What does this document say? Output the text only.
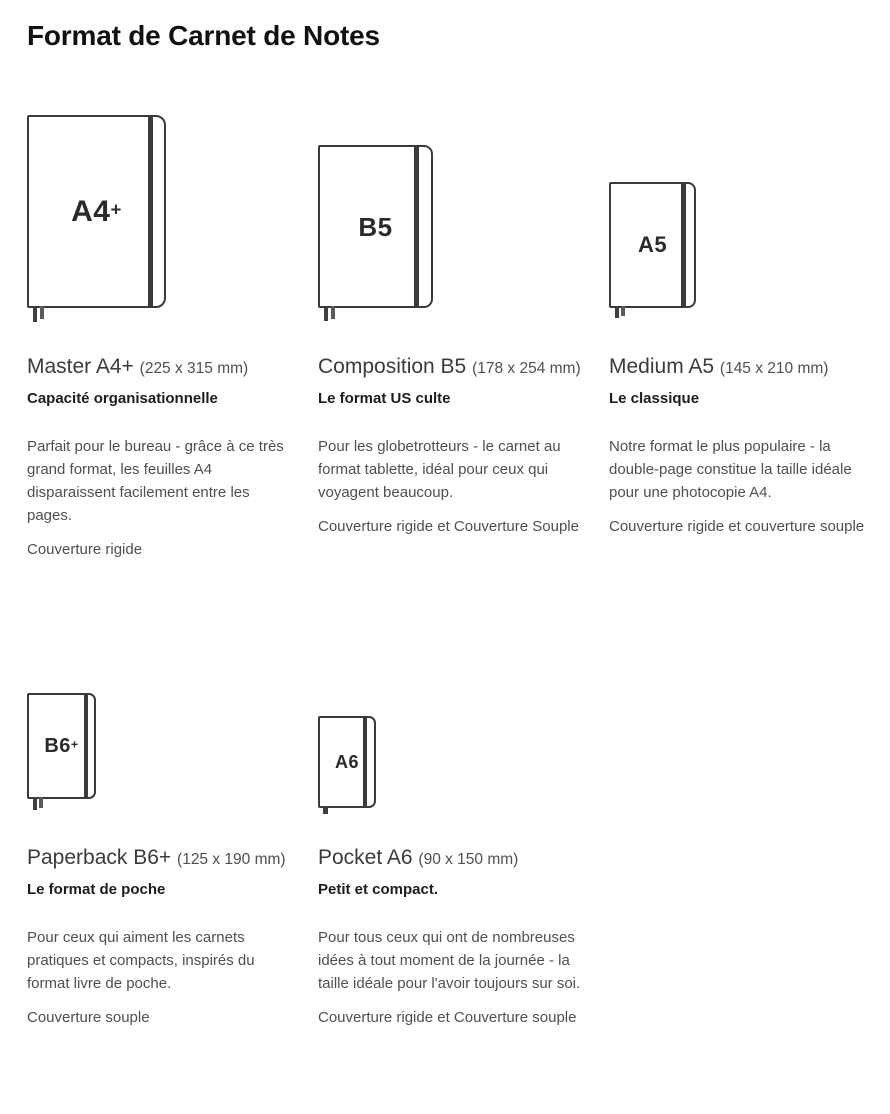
Format de Carnet de Notes
A4+
Master A4+ (225 x 315 mm)
Capacité organisationnelle

Parfait pour le bureau - grâce à ce très grand format, les feuilles A4 disparaissent facilement entre les pages.

Couverture rigide

B5
Composition B5 (178 x 254 mm)
Le format US culte

Pour les globetrotteurs - le carnet au format tablette, idéal pour ceux qui voyagent beaucoup.

Couverture rigide et Couverture Souple

A5
Medium A5 (145 x 210 mm)
Le classique

Notre format le plus populaire - la double-page constitue la taille idéale pour une photocopie A4.

Couverture rigide et couverture souple

B6+
Paperback B6+ (125 x 190 mm)
Le format de poche

Pour ceux qui aiment les carnets pratiques et compacts, inspirés du format livre de poche.

Couverture souple

A6
Pocket A6 (90 x 150 mm)
Petit et compact.

Pour tous ceux qui ont de nombreuses idées à tout moment de la journée - la taille idéale pour l'avoir toujours sur soi.

Couverture rigide et Couverture souple
